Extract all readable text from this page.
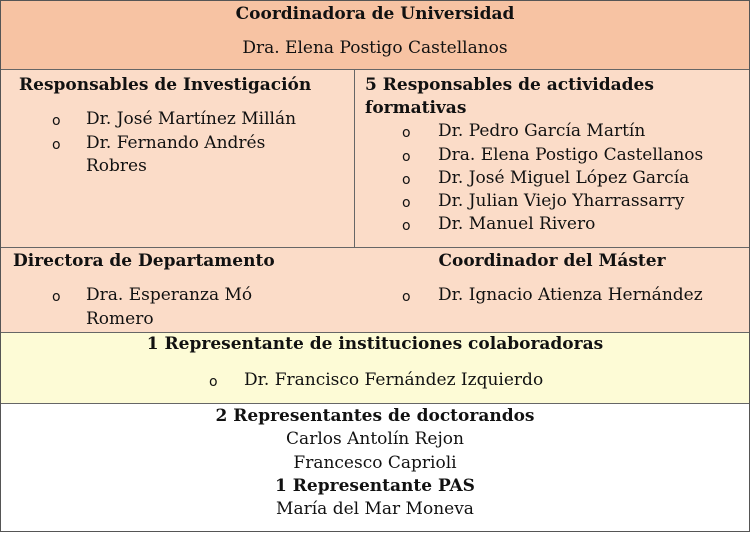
Coordinadora de Universidad
Dra. Elena Postigo Castellanos
Responsables de Investigación
o Dr. José Martínez Millán
o Dr. Fernando Andrés
Robres
5 Responsables de actividades
formativas
o Dr. Pedro García Martín
o Dra. Elena Postigo Castellanos
o Dr. José Miguel López García
o Dr. Julian Viejo Yharrassarry
o Dr. Manuel Rivero
Directora de Departamento
o Dra. Esperanza Mó
Romero
Coordinador del Máster
o Dr. Ignacio Atienza Hernández
1 Representante de instituciones colaboradoras
o Dr. Francisco Fernández Izquierdo
2 Representantes de doctorandos
Carlos Antolín Rejon
Francesco Caprioli
1 Representante PAS
María del Mar Moneva
